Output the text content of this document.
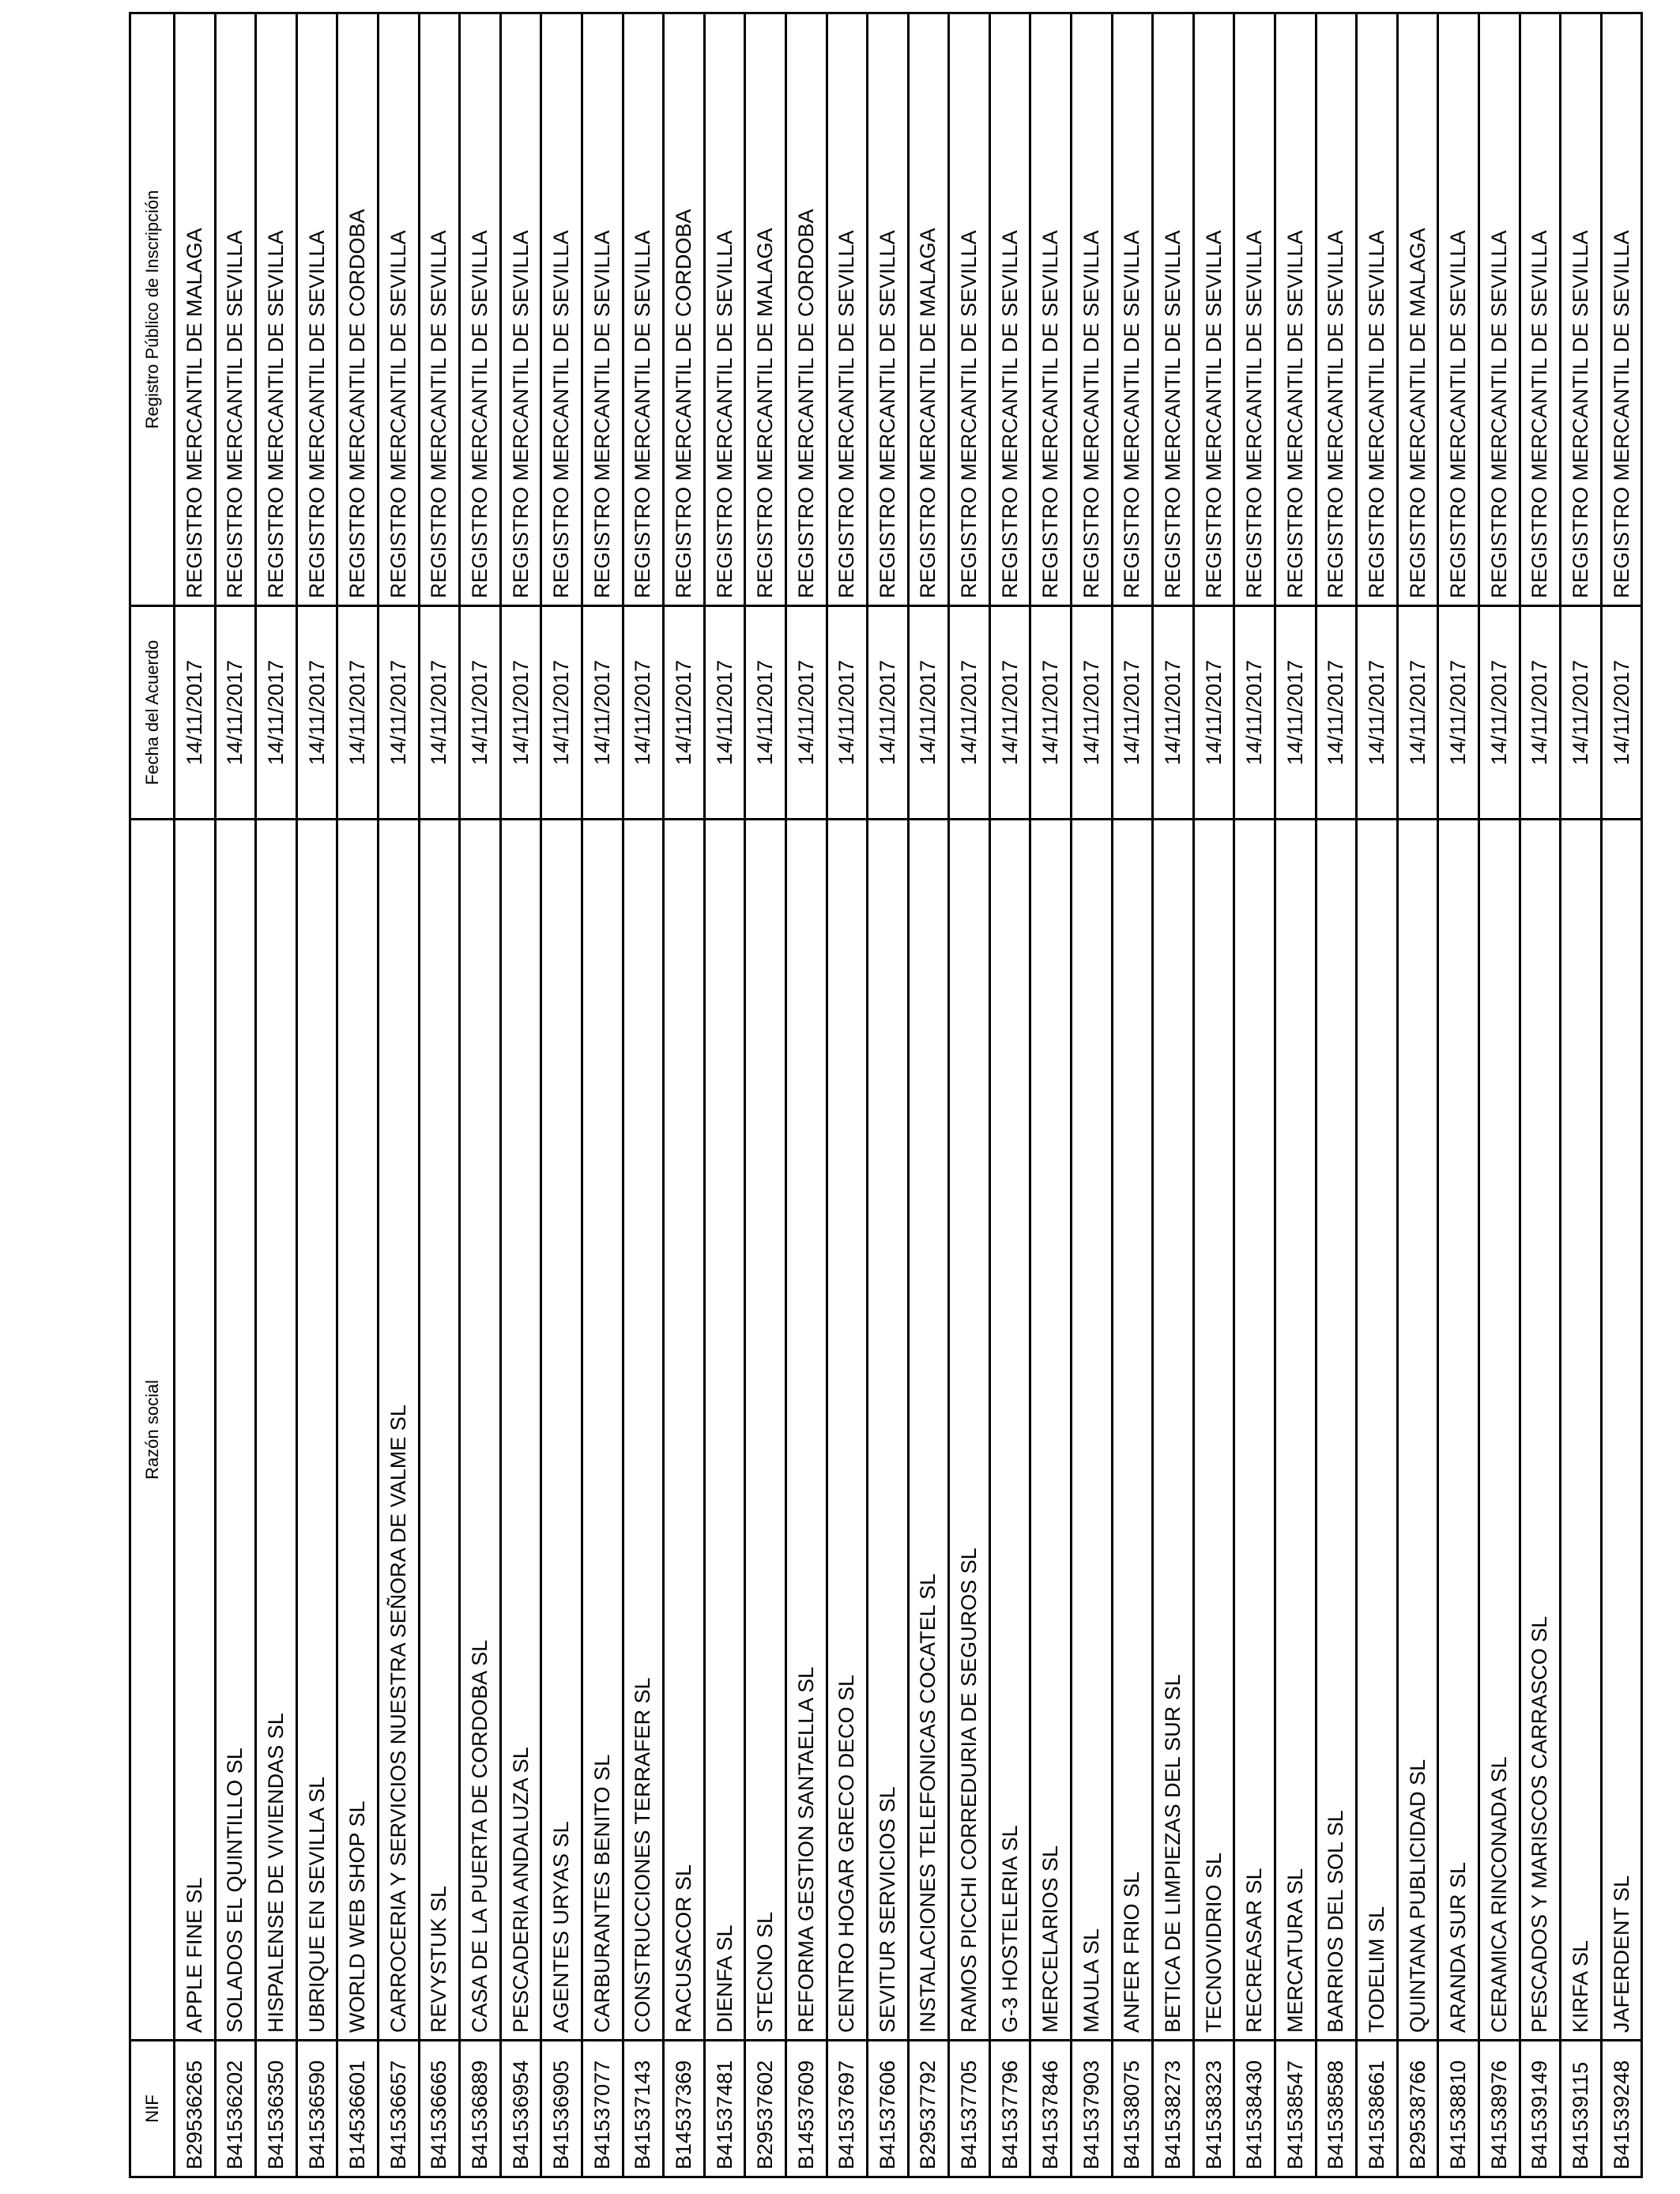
NIF	Razón social	Fecha del Acuerdo	Registro Público de Inscripción
B29536265	APPLE FINE SL	14/11/2017	REGISTRO MERCANTIL DE MALAGA
B41536202	SOLADOS EL QUINTILLO SL	14/11/2017	REGISTRO MERCANTIL DE SEVILLA
B41536350	HISPALENSE DE VIVIENDAS SL	14/11/2017	REGISTRO MERCANTIL DE SEVILLA
B41536590	UBRIQUE EN SEVILLA SL	14/11/2017	REGISTRO MERCANTIL DE SEVILLA
B14536601	WORLD WEB SHOP SL	14/11/2017	REGISTRO MERCANTIL DE CORDOBA
B41536657	CARROCERIA Y SERVICIOS NUESTRA SEÑORA DE VALME SL	14/11/2017	REGISTRO MERCANTIL DE SEVILLA
B41536665	REVYSTUK SL	14/11/2017	REGISTRO MERCANTIL DE SEVILLA
B41536889	CASA DE LA PUERTA DE CORDOBA SL	14/11/2017	REGISTRO MERCANTIL DE SEVILLA
B41536954	PESCADERIA ANDALUZA SL	14/11/2017	REGISTRO MERCANTIL DE SEVILLA
B41536905	AGENTES URYAS SL	14/11/2017	REGISTRO MERCANTIL DE SEVILLA
B41537077	CARBURANTES BENITO SL	14/11/2017	REGISTRO MERCANTIL DE SEVILLA
B41537143	CONSTRUCCIONES TERRAFER SL	14/11/2017	REGISTRO MERCANTIL DE SEVILLA
B14537369	RACUSACOR SL	14/11/2017	REGISTRO MERCANTIL DE CORDOBA
B41537481	DIENFA SL	14/11/2017	REGISTRO MERCANTIL DE SEVILLA
B29537602	STECNO SL	14/11/2017	REGISTRO MERCANTIL DE MALAGA
B14537609	REFORMA GESTION SANTAELLA SL	14/11/2017	REGISTRO MERCANTIL DE CORDOBA
B41537697	CENTRO HOGAR GRECO DECO SL	14/11/2017	REGISTRO MERCANTIL DE SEVILLA
B41537606	SEVITUR SERVICIOS SL	14/11/2017	REGISTRO MERCANTIL DE SEVILLA
B29537792	INSTALACIONES TELEFONICAS COCATEL SL	14/11/2017	REGISTRO MERCANTIL DE MALAGA
B41537705	RAMOS PICCHI CORREDURIA DE SEGUROS SL	14/11/2017	REGISTRO MERCANTIL DE SEVILLA
B41537796	G-3 HOSTELERIA SL	14/11/2017	REGISTRO MERCANTIL DE SEVILLA
B41537846	MERCELARIOS SL	14/11/2017	REGISTRO MERCANTIL DE SEVILLA
B41537903	MAULA SL	14/11/2017	REGISTRO MERCANTIL DE SEVILLA
B41538075	ANFER FRIO SL	14/11/2017	REGISTRO MERCANTIL DE SEVILLA
B41538273	BETICA DE LIMPIEZAS DEL SUR SL	14/11/2017	REGISTRO MERCANTIL DE SEVILLA
B41538323	TECNOVIDRIO SL	14/11/2017	REGISTRO MERCANTIL DE SEVILLA
B41538430	RECREASAR SL	14/11/2017	REGISTRO MERCANTIL DE SEVILLA
B41538547	MERCATURA SL	14/11/2017	REGISTRO MERCANTIL DE SEVILLA
B41538588	BARRIOS DEL SOL SL	14/11/2017	REGISTRO MERCANTIL DE SEVILLA
B41538661	TODELIM SL	14/11/2017	REGISTRO MERCANTIL DE SEVILLA
B29538766	QUINTANA PUBLICIDAD SL	14/11/2017	REGISTRO MERCANTIL DE MALAGA
B41538810	ARANDA SUR SL	14/11/2017	REGISTRO MERCANTIL DE SEVILLA
B41538976	CERAMICA RINCONADA SL	14/11/2017	REGISTRO MERCANTIL DE SEVILLA
B41539149	PESCADOS Y MARISCOS CARRASCO SL	14/11/2017	REGISTRO MERCANTIL DE SEVILLA
B41539115	KIRFA SL	14/11/2017	REGISTRO MERCANTIL DE SEVILLA
B41539248	JAFERDENT SL	14/11/2017	REGISTRO MERCANTIL DE SEVILLA
